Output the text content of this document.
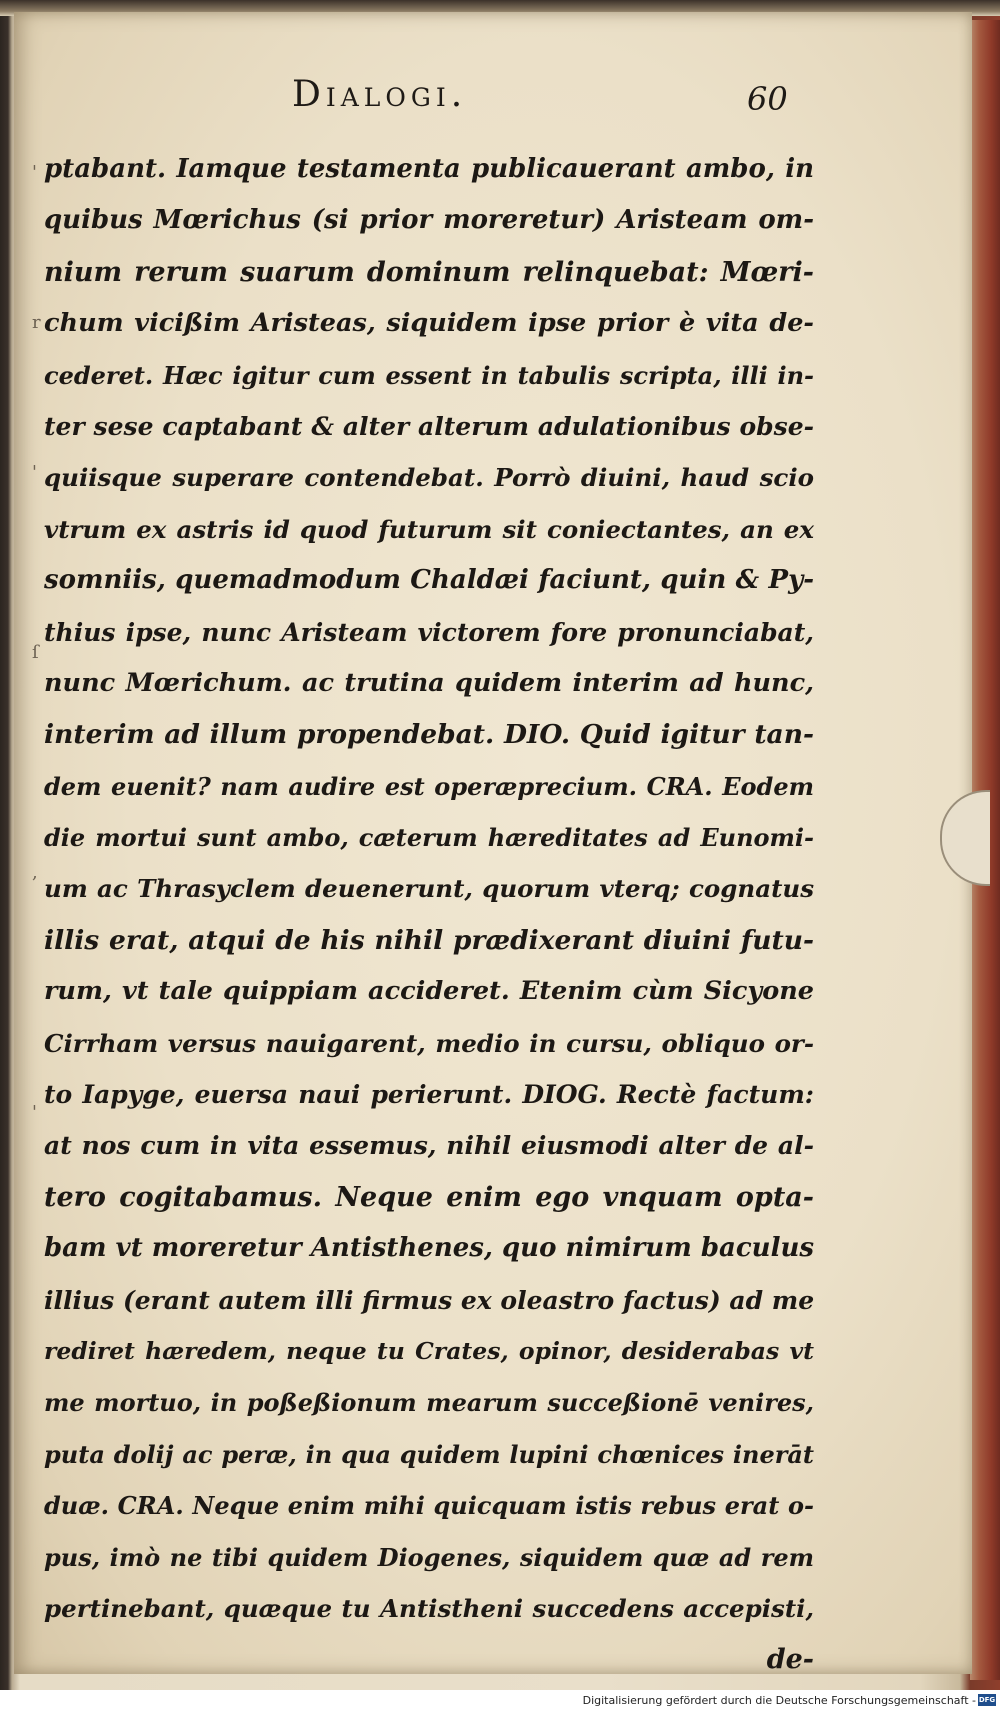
'
r
'
ſ
,
'
Dialogi.	60
ptabant. Iamque testamenta publicauerant ambo, in
quibus Mœrichus (si prior moreretur) Aristeam om-
nium rerum suarum dominum relinquebat: Mœri-
chum vicißim Aristeas, siquidem ipse prior è vita de-
cederet. Hæc igitur cum essent in tabulis scripta, illi in-
ter sese captabant & alter alterum adulationibus obse-
quiisque superare contendebat. Porrò diuini, haud scio
vtrum ex astris id quod futurum sit coniectantes, an ex
somniis, quemadmodum Chaldæi faciunt, quin & Py-
thius ipse, nunc Aristeam victorem fore pronunciabat,
nunc Mœrichum. ac trutina quidem interim ad hunc,
interim ad illum propendebat. DIO. Quid igitur tan-
dem euenit? nam audire est operæprecium. CRA. Eodem
die mortui sunt ambo, cæterum hæreditates ad Eunomi-
um ac Thrasyclem deuenerunt, quorum vterq; cognatus
illis erat, atqui de his nihil prædixerant diuini futu-
rum, vt tale quippiam accideret. Etenim cùm Sicyone
Cirrham versus nauigarent, medio in cursu, obliquo or-
to Iapyge, euersa naui perierunt. DIOG. Rectè factum:
at nos cum in vita essemus, nihil eiusmodi alter de al-
tero cogitabamus. Neque enim ego vnquam opta-
bam vt moreretur Antisthenes, quo nimirum baculus
illius (erant autem illi firmus ex oleastro factus) ad me
rediret hæredem, neque tu Crates, opinor, desiderabas vt
me mortuo, in poßeßionum mearum succeßionē venires,
puta dolij ac peræ, in qua quidem lupini chœnices inerāt
duæ. CRA. Neque enim mihi quicquam istis rebus erat o-
pus, imò ne tibi quidem Diogenes, siquidem quæ ad rem
pertinebant, quæque tu Antistheni succedens accepisti,
de-
Digitalisierung gefördert durch die Deutsche Forschungsgemeinschaft - DFG
